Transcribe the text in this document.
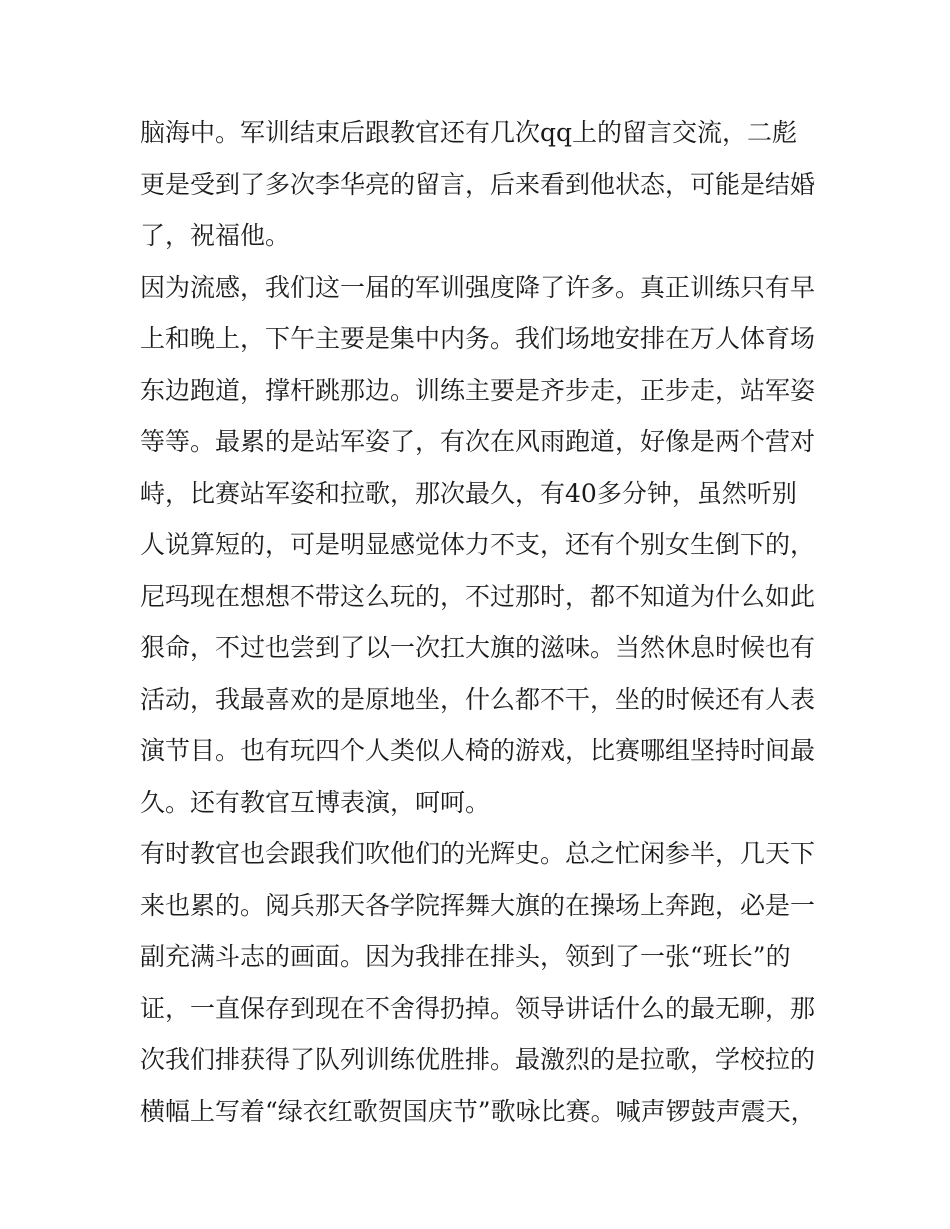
脑海中。军训结束后跟教官还有几次qq上的留言交流，二彪
更是受到了多次李华亮的留言，后来看到他状态，可能是结婚
了，祝福他。
因为流感，我们这一届的军训强度降了许多。真正训练只有早
上和晚上，下午主要是集中内务。我们场地安排在万人体育场
东边跑道，撑杆跳那边。训练主要是齐步走，正步走，站军姿
等等。最累的是站军姿了，有次在风雨跑道，好像是两个营对
峙，比赛站军姿和拉歌，那次最久，有40多分钟，虽然听别
人说算短的，可是明显感觉体力不支，还有个别女生倒下的，
尼玛现在想想不带这么玩的，不过那时，都不知道为什么如此
狠命，不过也尝到了以一次扛大旗的滋味。当然休息时候也有
活动，我最喜欢的是原地坐，什么都不干，坐的时候还有人表
演节目。也有玩四个人类似人椅的游戏，比赛哪组坚持时间最
久。还有教官互博表演，呵呵。
有时教官也会跟我们吹他们的光辉史。总之忙闲参半，几天下
来也累的。阅兵那天各学院挥舞大旗的在操场上奔跑，必是一
副充满斗志的画面。因为我排在排头，领到了一张“班长”的
证，一直保存到现在不舍得扔掉。领导讲话什么的最无聊，那
次我们排获得了队列训练优胜排。最激烈的是拉歌，学校拉的
横幅上写着“绿衣红歌贺国庆节”歌咏比赛。喊声锣鼓声震天，
